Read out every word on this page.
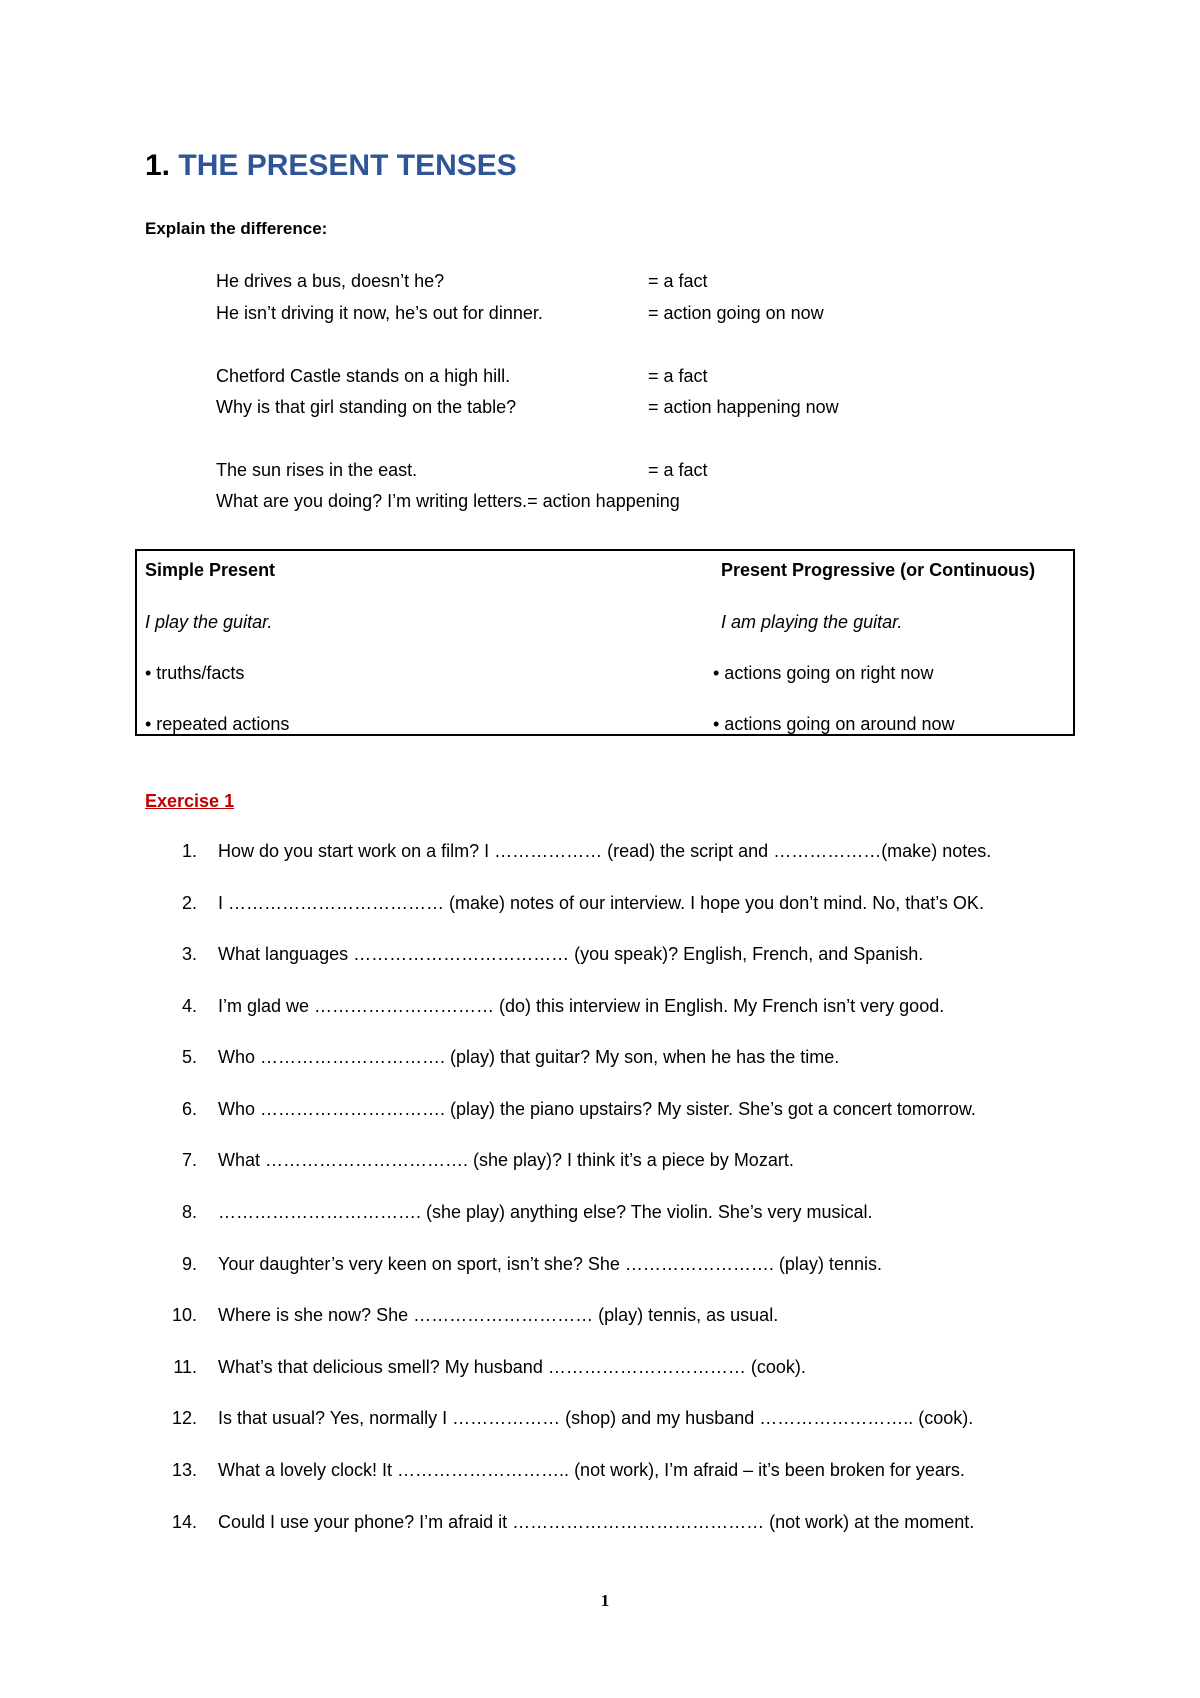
1. THE PRESENT TENSES
Explain the difference:
He drives a bus, doesn’t he?	= a fact
He isn’t driving it now, he’s out for dinner.	= action going on now
Chetford Castle stands on a high hill.	= a fact
Why is that girl standing on the table?	= action happening now
The sun rises in the east.	= a fact
What are you doing? I’m writing letters.= action happening
Simple Present	Present Progressive (or Continuous)
I play the guitar.	I am playing the guitar.
• truths/facts	• actions going on right now
• repeated actions	• actions going on around now
Exercise 1
1. How do you start work on a film? I ……………… (read) the script and ………………(make) notes.
2. I ……………………………… (make) notes of our interview. I hope you don’t mind. No, that’s OK.
3. What languages ……………………………… (you speak)? English, French, and Spanish.
4. I’m glad we ………………………… (do) this interview in English. My French isn’t very good.
5. Who …………………………. (play) that guitar? My son, when he has the time.
6. Who …………………………. (play) the piano upstairs? My sister. She’s got a concert tomorrow.
7. What ……………………………. (she play)? I think it’s a piece by Mozart.
8. ……………………………. (she play) anything else? The violin. She’s very musical.
9. Your daughter’s very keen on sport, isn’t she? She ……………………. (play) tennis.
10. Where is she now? She ………………………… (play) tennis, as usual.
11. What’s that delicious smell? My husband …………………………… (cook).
12. Is that usual? Yes, normally I ……………… (shop) and my husband …………………….. (cook).
13. What a lovely clock! It ……………………….. (not work), I’m afraid – it’s been broken for years.
14. Could I use your phone? I’m afraid it …………………………………… (not work) at the moment.
1
